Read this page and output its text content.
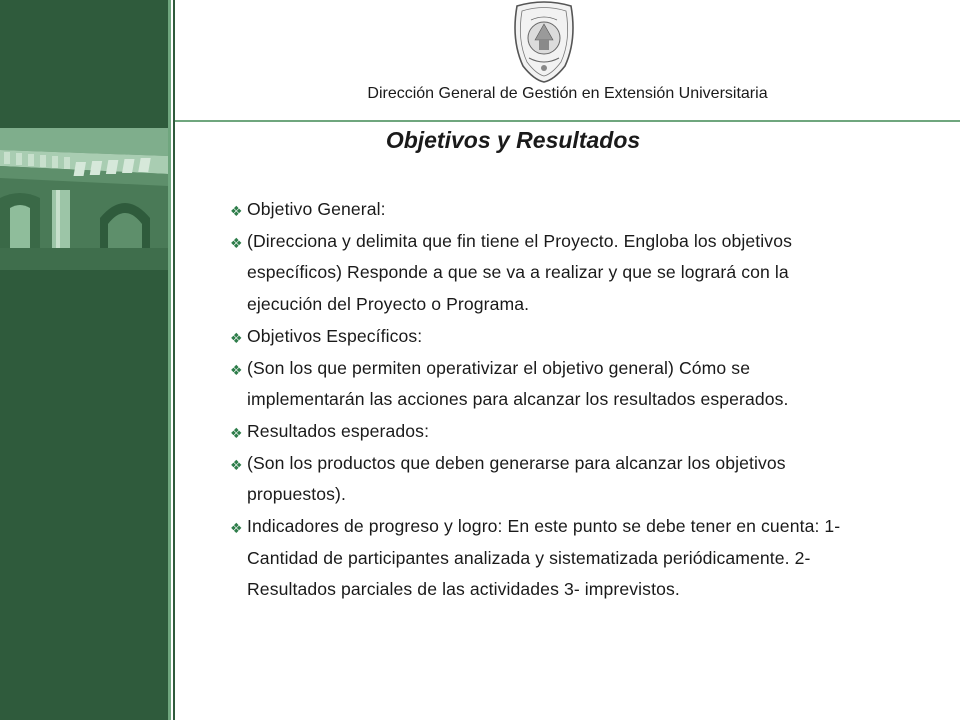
Dirección General de Gestión en Extensión Universitaria
Objetivos y Resultados
❖ Objetivo General:
❖ (Direcciona y delimita que fin tiene el Proyecto. Engloba los objetivos específicos) Responde a que se va a realizar y que se logrará con la ejecución del Proyecto o Programa.
❖ Objetivos Específicos:
❖ (Son los que permiten operativizar el objetivo general) Cómo se implementarán las acciones para alcanzar los resultados esperados.
❖ Resultados esperados:
❖ (Son los productos que deben generarse para alcanzar los objetivos propuestos).
❖ Indicadores de progreso y logro: En este punto se debe tener en cuenta: 1-Cantidad de participantes analizada y sistematizada periódicamente. 2-Resultados parciales de las actividades 3- imprevistos.
